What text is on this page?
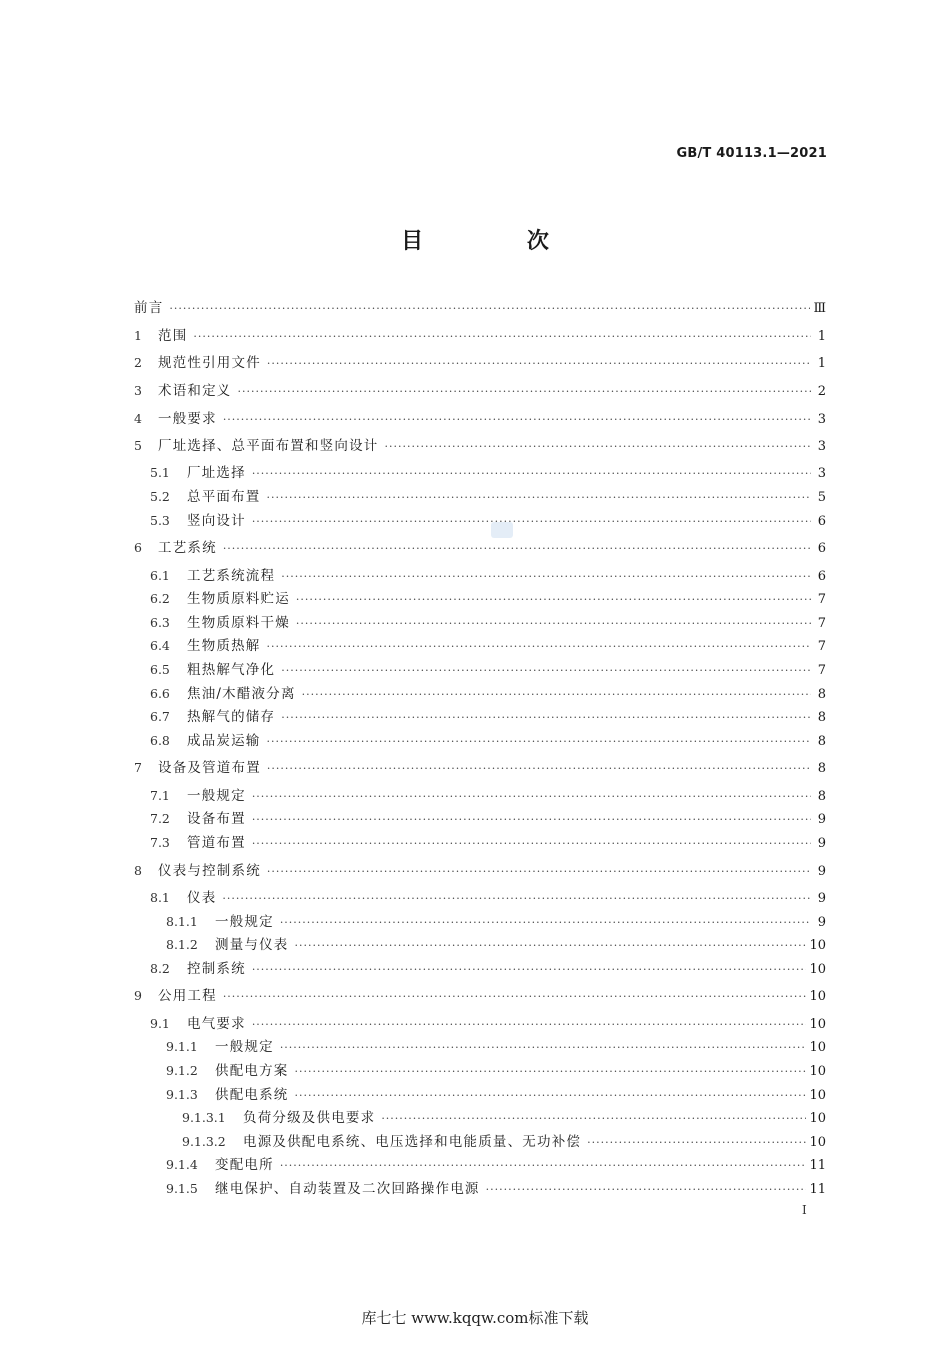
GB/T 40113.1—2021
目 次
前言 ·····	Ⅲ
1	范围 ·····	1
2	规范性引用文件 ·····	1
3	术语和定义 ·····	2
4	一般要求 ·····	3
5	厂址选择、总平面布置和竖向设计 ·····	3
5.1	厂址选择 ·····	3
5.2	总平面布置 ·····	5
5.3	竖向设计 ·····	6
6	工艺系统 ·····	6
6.1	工艺系统流程 ·····	6
6.2	生物质原料贮运 ·····	7
6.3	生物质原料干燥 ·····	7
6.4	生物质热解 ·····	7
6.5	粗热解气净化 ·····	7
6.6	焦油/木醋液分离 ·····	8
6.7	热解气的储存 ·····	8
6.8	成品炭运输 ·····	8
7	设备及管道布置 ·····	8
7.1	一般规定 ·····	8
7.2	设备布置 ·····	9
7.3	管道布置 ·····	9
8	仪表与控制系统 ·····	9
8.1	仪表 ·····	9
8.1.1	一般规定 ·····	9
8.1.2	测量与仪表 ·····	10
8.2	控制系统 ·····	10
9	公用工程 ·····	10
9.1	电气要求 ·····	10
9.1.1	一般规定 ·····	10
9.1.2	供配电方案 ·····	10
9.1.3	供配电系统 ·····	10
9.1.3.1	负荷分级及供电要求 ·····	10
9.1.3.2	电源及供配电系统、电压选择和电能质量、无功补偿 ·····	10
9.1.4	变配电所 ·····	11
9.1.5	继电保护、自动装置及二次回路操作电源 ·····	11
I
库七七 www.kqqw.com标准下载
